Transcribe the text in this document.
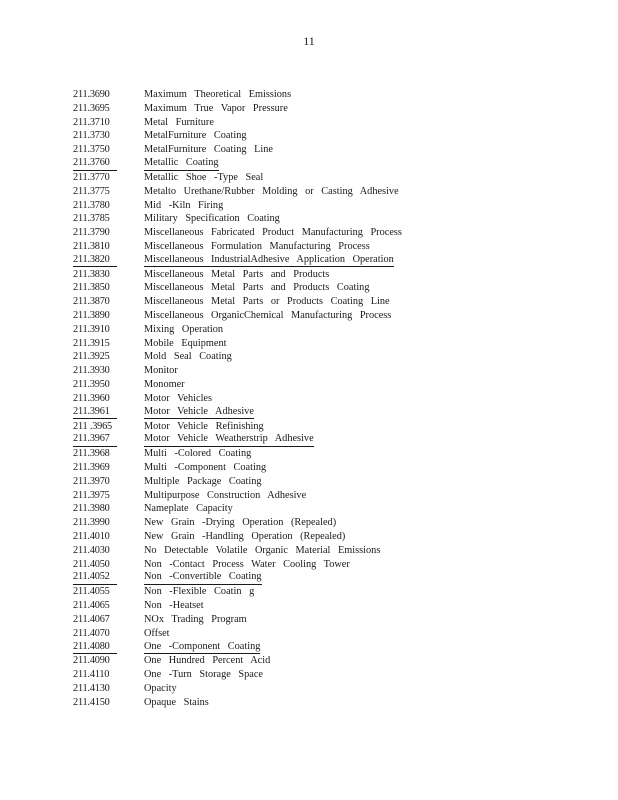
11
211.3690	Maximum Theoretical Emissions
211.3695	Maximum True Vapor Pressure
211.3710	Metal Furniture
211.3730	MetalFurniture Coating
211.3750	MetalFurniture Coating Line
211.3760	Metallic Coating
211.3770	Metallic Shoe -Type Seal
211.3775	Metalto Urethane/Rubber Molding or Casting Adhesive
211.3780	Mid -Kiln Firing
211.3785	Military Specification Coating
211.3790	Miscellaneous Fabricated Product Manufacturing Process
211.3810	Miscellaneous Formulation Manufacturing Process
211.3820	Miscellaneous IndustrialAdhesive Application Operation
211.3830	Miscellaneous Metal Parts and Products
211.3850	Miscellaneous Metal Parts and Products Coating
211.3870	Miscellaneous Metal Parts or Products Coating Line
211.3890	Miscellaneous OrganicChemical Manufacturing Process
211.3910	Mixing Operation
211.3915	Mobile Equipment
211.3925	Mold Seal Coating
211.3930	Monitor
211.3950	Monomer
211.3960	Motor Vehicles
211.3961	Motor Vehicle Adhesive
211 .3965	Motor Vehicle Refinishing
211.3967	Motor Vehicle Weatherstrip Adhesive
211.3968	Multi -Colored Coating
211.3969	Multi -Component Coating
211.3970	Multiple Package Coating
211.3975	Multipurpose Construction Adhesive
211.3980	Nameplate Capacity
211.3990	New Grain -Drying Operation (Repealed)
211.4010	New Grain -Handling Operation (Repealed)
211.4030	No Detectable Volatile Organic Material Emissions
211.4050	Non -Contact Process Water Cooling Tower
211.4052	Non -Convertible Coating
211.4055	Non -Flexible Coatin g
211.4065	Non -Heatset
211.4067	NOx Trading Program
211.4070	Offset
211.4080	One -Component Coating
211.4090	One Hundred Percent Acid
211.4110	One -Turn Storage Space
211.4130	Opacity
211.4150	Opaque Stains
